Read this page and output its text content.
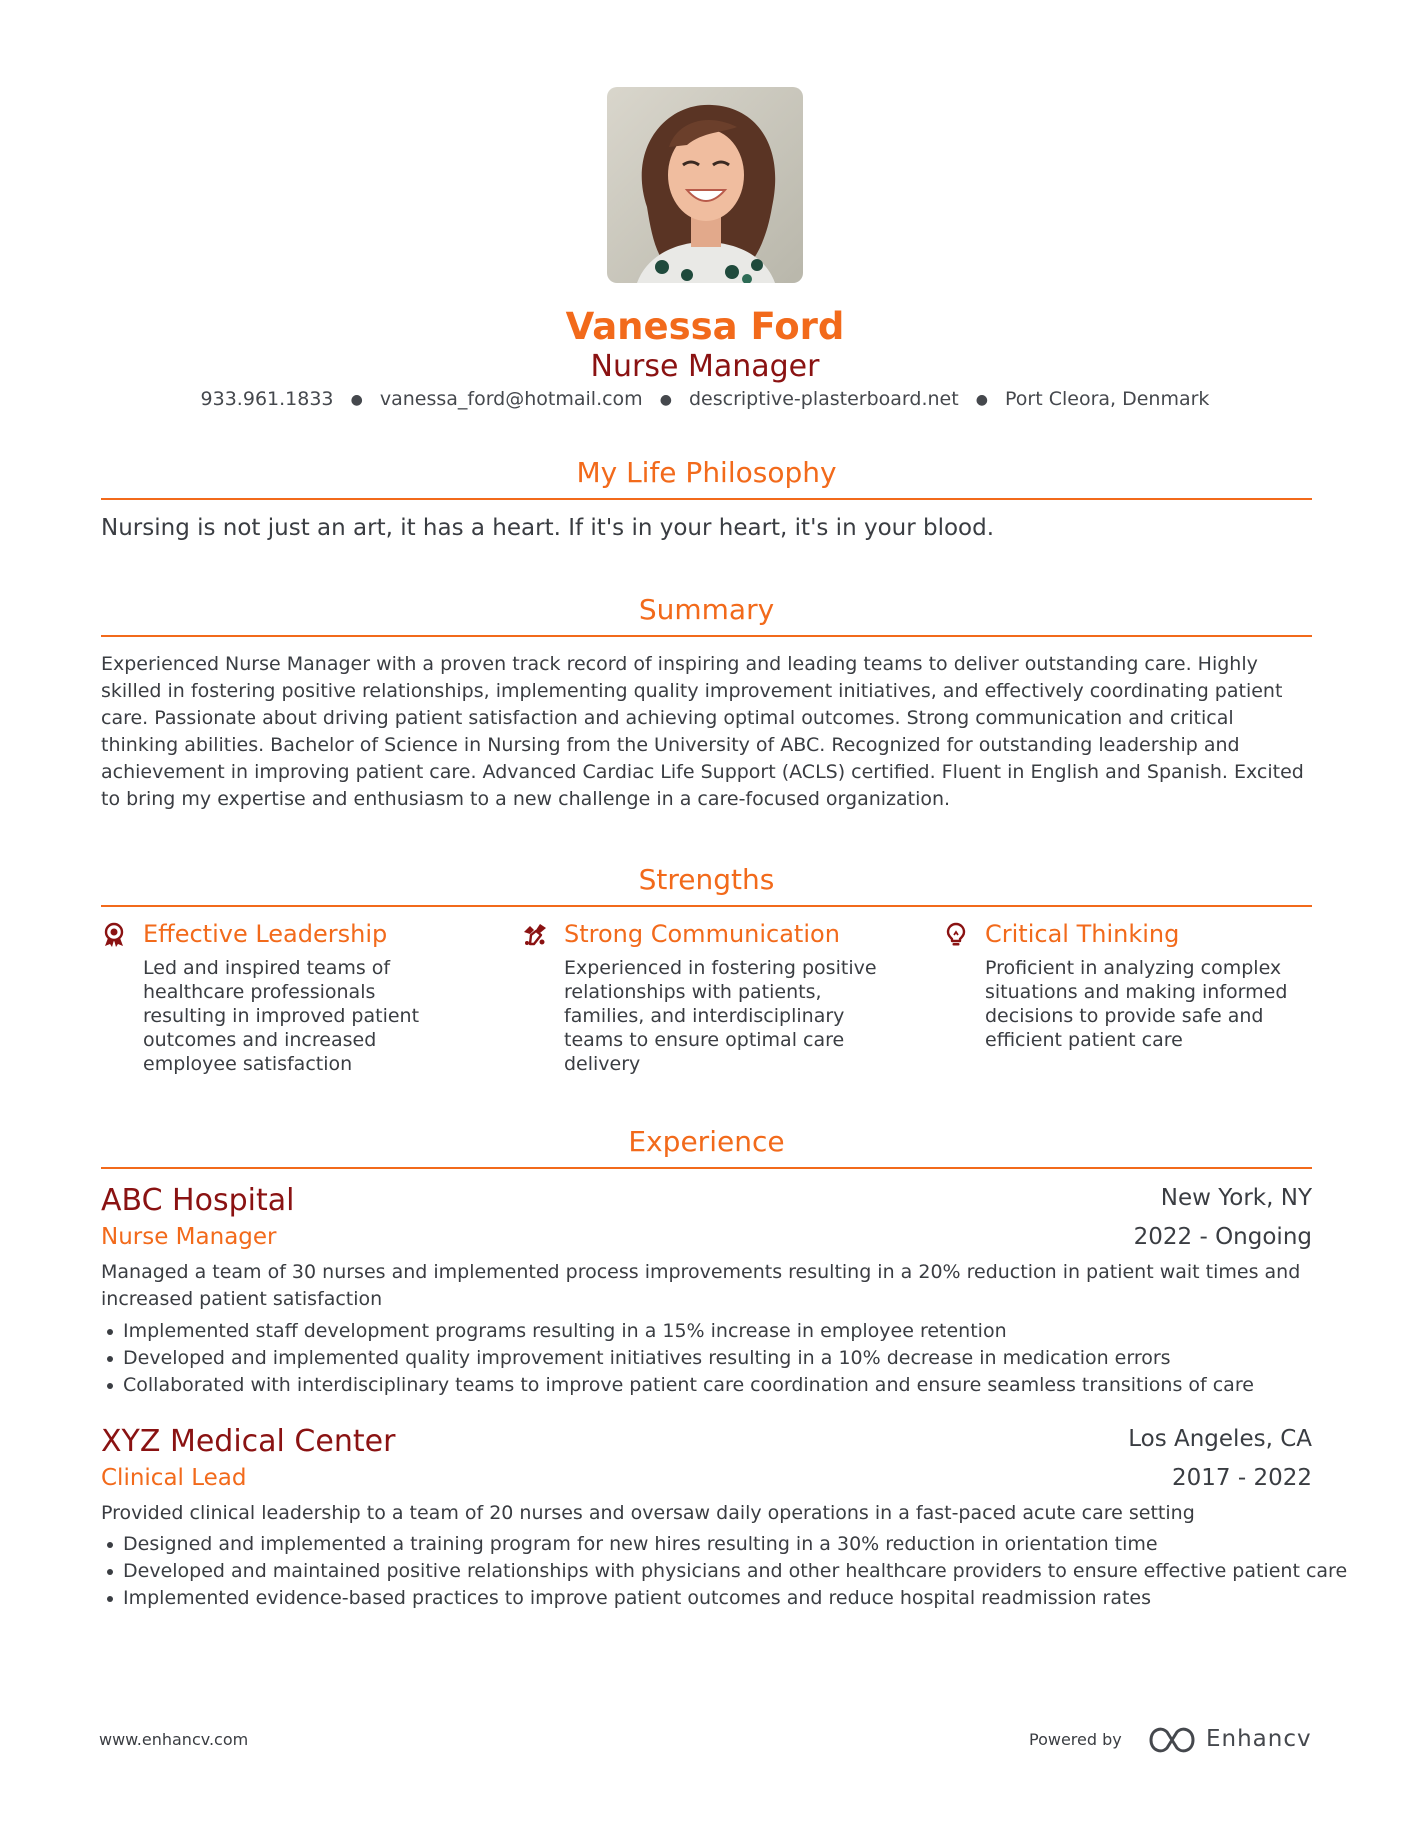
Vanessa Ford
Nurse Manager
933.961.1833 ● vanessa_ford@hotmail.com ● descriptive-plasterboard.net ● Port Cleora, Denmark
My Life Philosophy
Nursing is not just an art, it has a heart. If it's in your heart, it's in your blood.
Summary
Experienced Nurse Manager with a proven track record of inspiring and leading teams to deliver outstanding care. Highly skilled in fostering positive relationships, implementing quality improvement initiatives, and effectively coordinating patient care. Passionate about driving patient satisfaction and achieving optimal outcomes. Strong communication and critical thinking abilities. Bachelor of Science in Nursing from the University of ABC. Recognized for outstanding leadership and achievement in improving patient care. Advanced Cardiac Life Support (ACLS) certified. Fluent in English and Spanish. Excited to bring my expertise and enthusiasm to a new challenge in a care-focused organization.
Strengths
Effective Leadership
Led and inspired teams of healthcare professionals resulting in improved patient outcomes and increased employee satisfaction
Strong Communication
Experienced in fostering positive relationships with patients, families, and interdisciplinary teams to ensure optimal care delivery
Critical Thinking
Proficient in analyzing complex situations and making informed decisions to provide safe and efficient patient care
Experience
ABC Hospital	New York, NY
Nurse Manager	2022 - Ongoing
Managed a team of 30 nurses and implemented process improvements resulting in a 20% reduction in patient wait times and increased patient satisfaction
Implemented staff development programs resulting in a 15% increase in employee retention
Developed and implemented quality improvement initiatives resulting in a 10% decrease in medication errors
Collaborated with interdisciplinary teams to improve patient care coordination and ensure seamless transitions of care
XYZ Medical Center	Los Angeles, CA
Clinical Lead	2017 - 2022
Provided clinical leadership to a team of 20 nurses and oversaw daily operations in a fast-paced acute care setting
Designed and implemented a training program for new hires resulting in a 30% reduction in orientation time
Developed and maintained positive relationships with physicians and other healthcare providers to ensure effective patient care
Implemented evidence-based practices to improve patient outcomes and reduce hospital readmission rates
www.enhancv.com	Powered by	Enhancv
